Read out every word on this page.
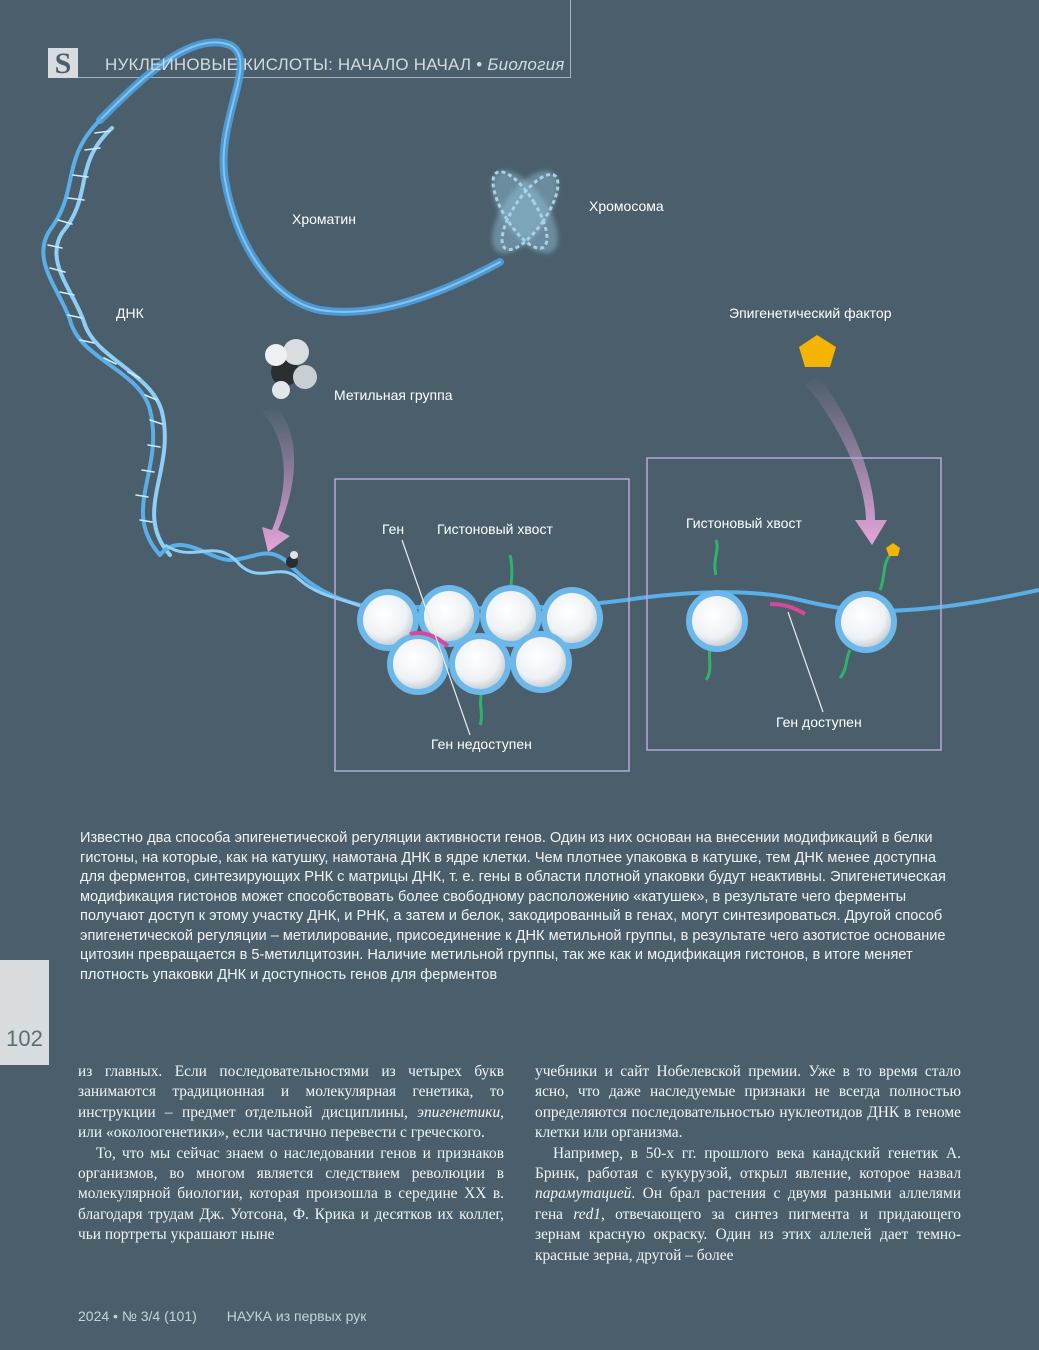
Хроматин
Хромосома
ДНК
Метильная группа
Эпигенетический фактор
Ген Гистоновый хвост	Гистоновый хвост
Ген недоступен
Ген доступен
S	НУКЛЕИНОВЫЕ КИСЛОТЫ: НАЧАЛО НАЧАЛ • Биология
Известно два способа эпигенетической регуляции активности генов. Один из них основан на внесении модификаций в белки гистоны, на которые, как на катушку, намотана ДНК в ядре клетки. Чем плотнее упаковка в катушке, тем ДНК менее доступна для ферментов, синтезирующих РНК с матрицы ДНК, т. е. гены в области плотной упаковки будут неактивны. Эпигенетическая модификация гистонов может способствовать более свободному расположению «катушек», в результате чего ферменты получают доступ к этому участку ДНК, и РНК, а затем и белок, закодированный в генах, могут синтезироваться. Другой способ эпигенетической регуляции – метилирование, присоединение к ДНК метильной группы, в результате чего азотистое основание цитозин превращается в 5-метилцитозин. Наличие метильной группы, так же как и модификация гистонов, в итоге меняет плотность упаковки ДНК и доступность генов для ферментов
102

из главных. Если последовательностями из четырех букв занимаются традиционная и молекулярная генетика, то инструкции – предмет отдельной дисциплины, эпигенетики, или «околоогенетики», если частично перевести с греческого.

То, что мы сейчас знаем о наследовании генов и признаков организмов, во многом является следствием революции в молекулярной биологии, которая произошла в середине XX в. благодаря трудам Дж. Уотсона, Ф. Крика и десятков их коллег, чьи портреты украшают ныне

учебники и сайт Нобелевской премии. Уже в то время стало ясно, что даже наследуемые признаки не всегда полностью определяются последовательностью нуклеотидов ДНК в геноме клетки или организма.

Например, в 50-х гг. прошлого века канадский генетик А. Бринк, работая с кукурузой, открыл явление, которое назвал парамутацией. Он брал растения с двумя разными аллелями гена red1, отвечающего за синтез пигмента и придающего зернам красную окраску. Один из этих аллелей дает темно-красные зерна, другой – более

2024 • № 3/4 (101) НАУКА из первых рук
